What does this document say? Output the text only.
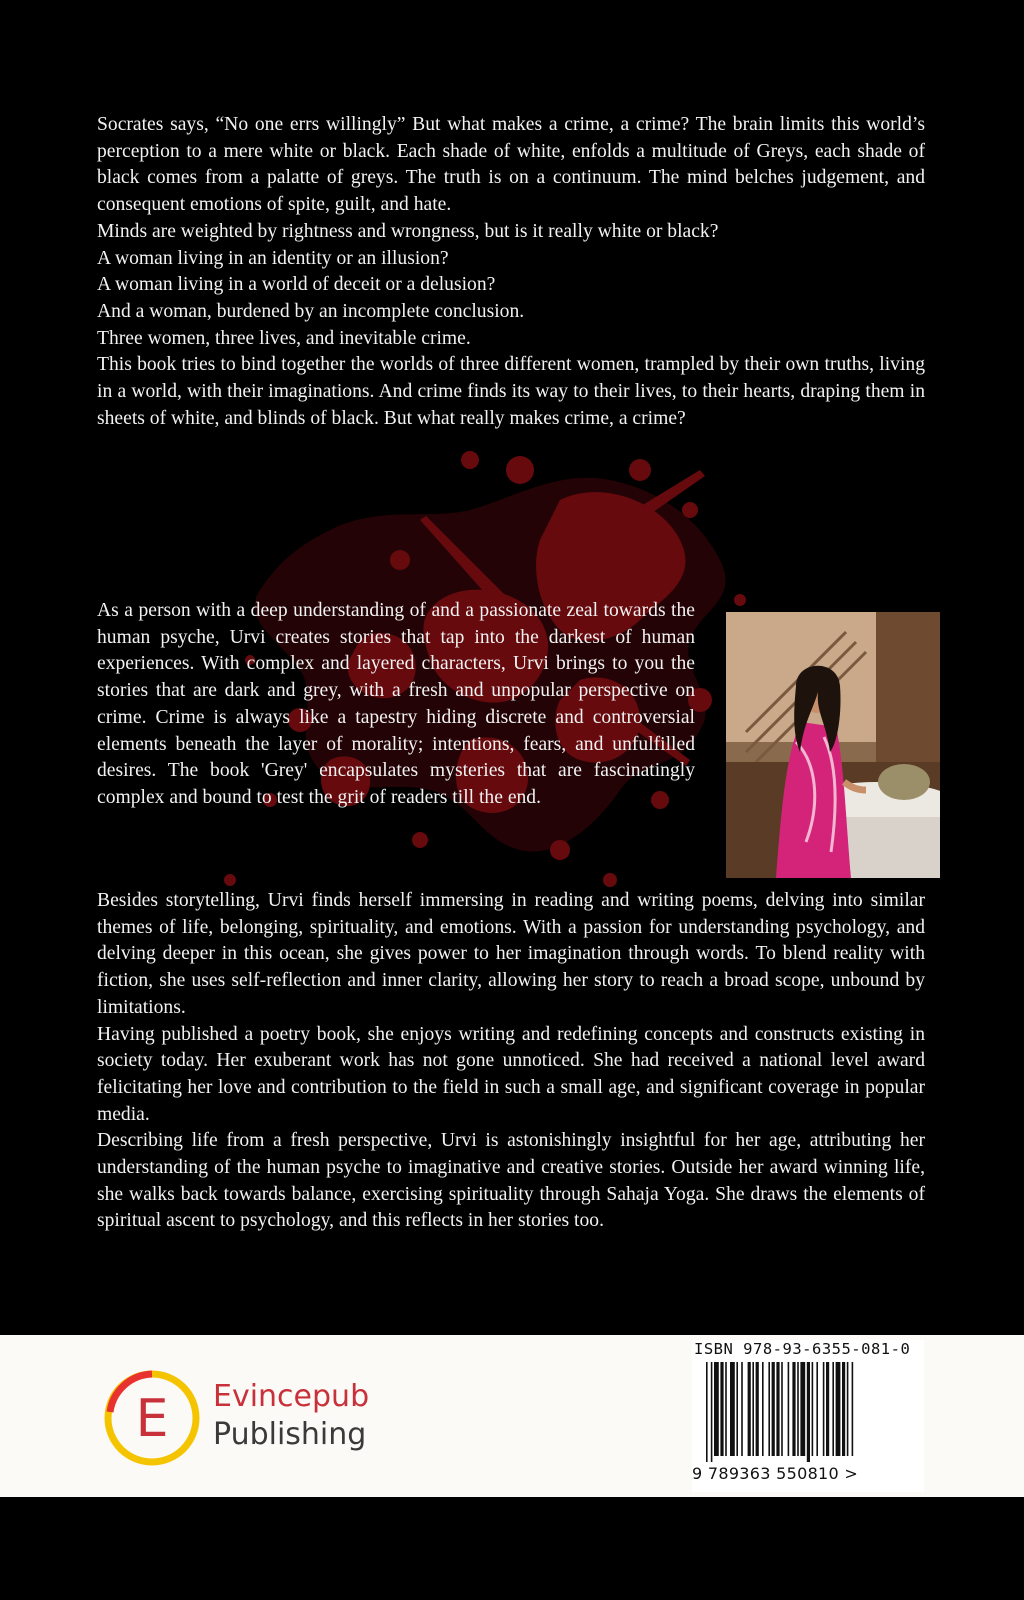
Socrates says, “No one errs willingly” But what makes a crime, a crime? The brain limits this world’s perception to a mere white or black. Each shade of white, enfolds a multitude of Greys, each shade of black comes from a palatte of greys. The truth is on a continuum. The mind belches judgement, and consequent emotions of spite, guilt, and hate.

Minds are weighted by rightness and wrongness, but is it really white or black?

A woman living in an identity or an illusion?

A woman living in a world of deceit or a delusion?

And a woman, burdened by an incomplete conclusion.

Three women, three lives, and inevitable crime.

This book tries to bind together the worlds of three different women, trampled by their own truths, living in a world, with their imaginations. And crime finds its way to their lives, to their hearts, draping them in sheets of white, and blinds of black. But what really makes crime, a crime?

As a person with a deep understanding of and a passionate zeal towards the human psyche, Urvi creates stories that tap into the darkest of human experiences. With complex and layered characters, Urvi brings to you the stories that are dark and grey, with a fresh and unpopular perspective on crime. Crime is always like a tapestry hiding discrete and controversial elements beneath the layer of morality; intentions, fears, and unfulfilled desires. The book 'Grey' encapsulates mysteries that are fascinatingly complex and bound to test the grit of readers till the end.

Besides storytelling, Urvi finds herself immersing in reading and writing poems, delving into similar themes of life, belonging, spirituality, and emotions. With a passion for understanding psychology, and delving deeper in this ocean, she gives power to her imagination through words. To blend reality with fiction, she uses self-reflection and inner clarity, allowing her story to reach a broad scope, unbound by limitations.

Having published a poetry book, she enjoys writing and redefining concepts and constructs existing in society today. Her exuberant work has not gone unnoticed. She had received a national level award felicitating her love and contribution to the field in such a small age, and significant coverage in popular media.

Describing life from a fresh perspective, Urvi is astonishingly insightful for her age, attributing her understanding of the human psyche to imaginative and creative stories. Outside her award winning life, she walks back towards balance, exercising spirituality through Sahaja Yoga. She draws the elements of spiritual ascent to psychology, and this reflects in her stories too.

E Evincepub
Publishing
ISBN 978-93-6355-081-0
9 789363 550810 >
